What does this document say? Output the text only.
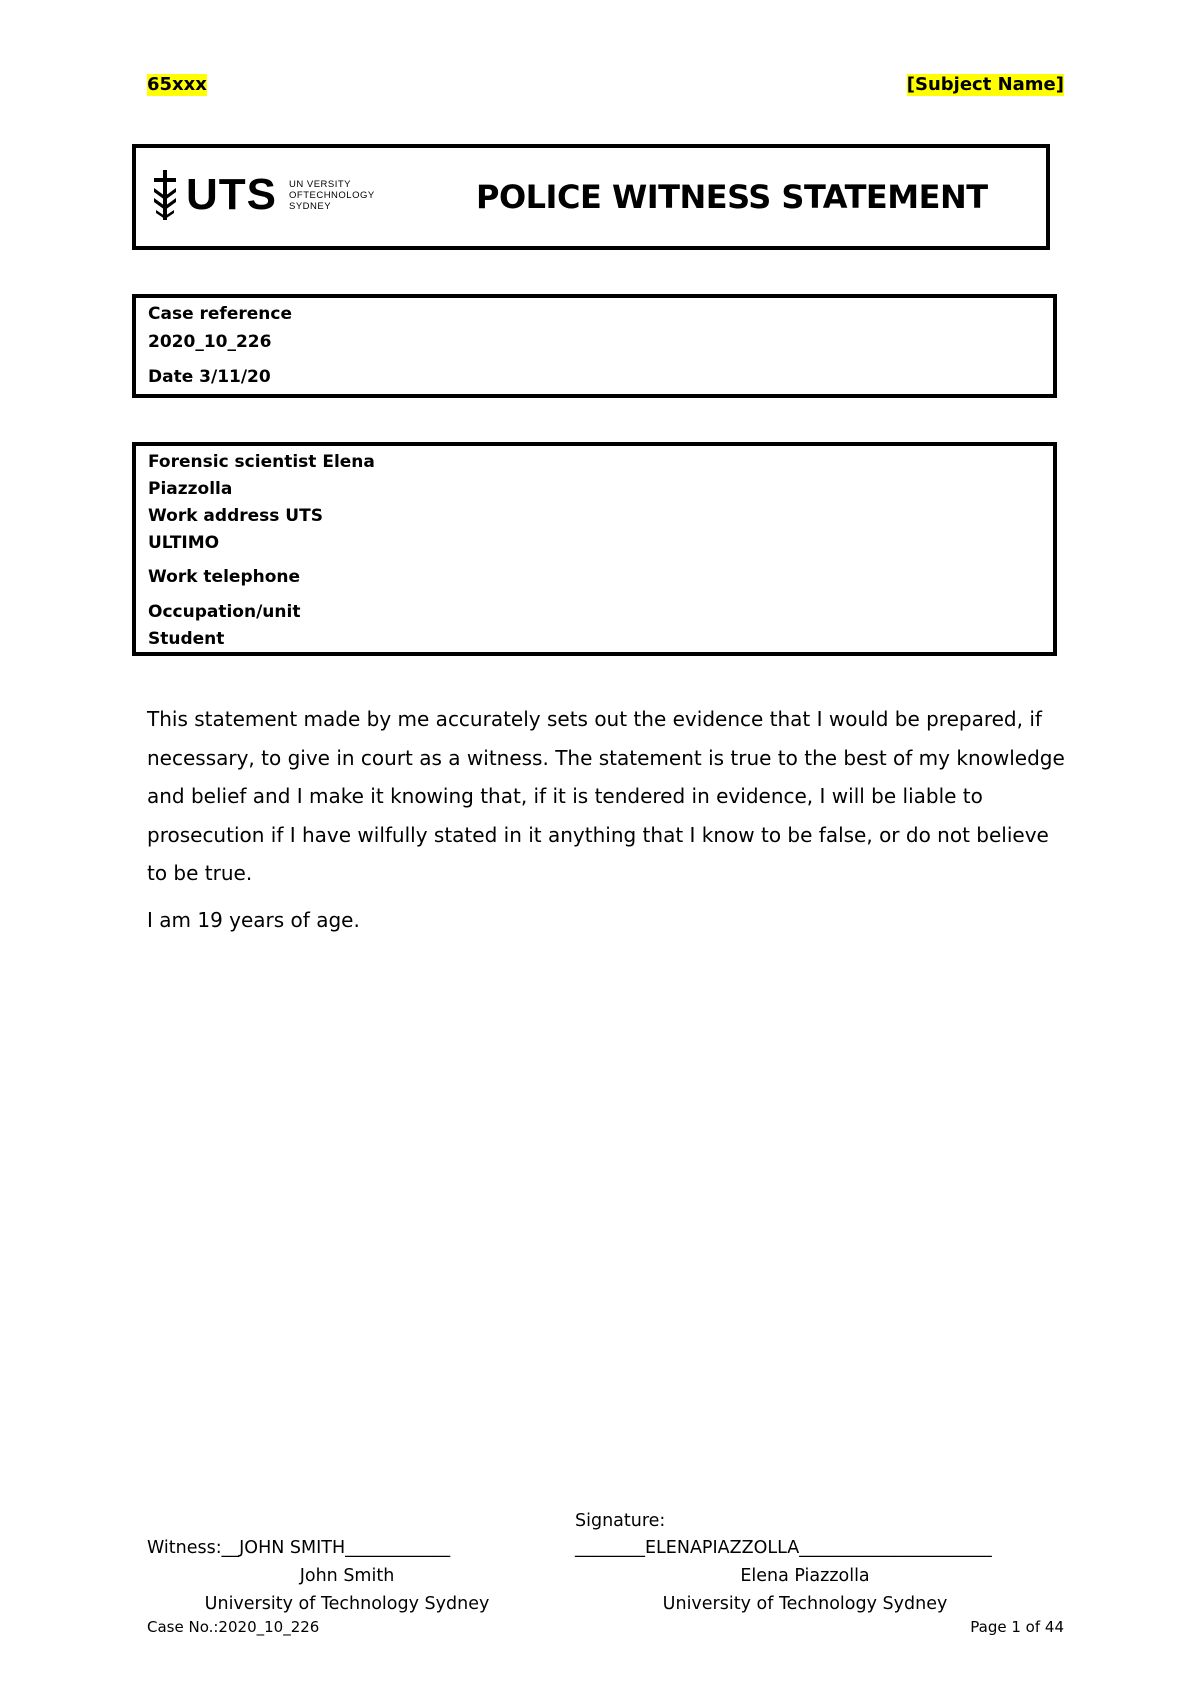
65xxx	[Subject Name]
UTS UN VERSITY
OFTECHNOLOGY
SYDNEY	POLICE WITNESS STATEMENT
Case reference
2020_10_226
Date 3/11/20
Forensic scientist Elena
Piazzolla
Work address UTS
ULTIMO
Work telephone
Occupation/unit
Student
This statement made by me accurately sets out the evidence that I would be prepared, if necessary, to give in court as a witness. The statement is true to the best of my knowledge and belief and I make it knowing that, if it is tendered in evidence, I will be liable to prosecution if I have wilfully stated in it anything that I know to be false, or do not believe to be true.
I am 19 years of age.
Signature:
Witness:__JOHN SMITH____________	________ELENAPIAZZOLLA______________________
John Smith	Elena Piazzolla
University of Technology Sydney	University of Technology Sydney
Case No.:2020_10_226	Page 1 of 44
